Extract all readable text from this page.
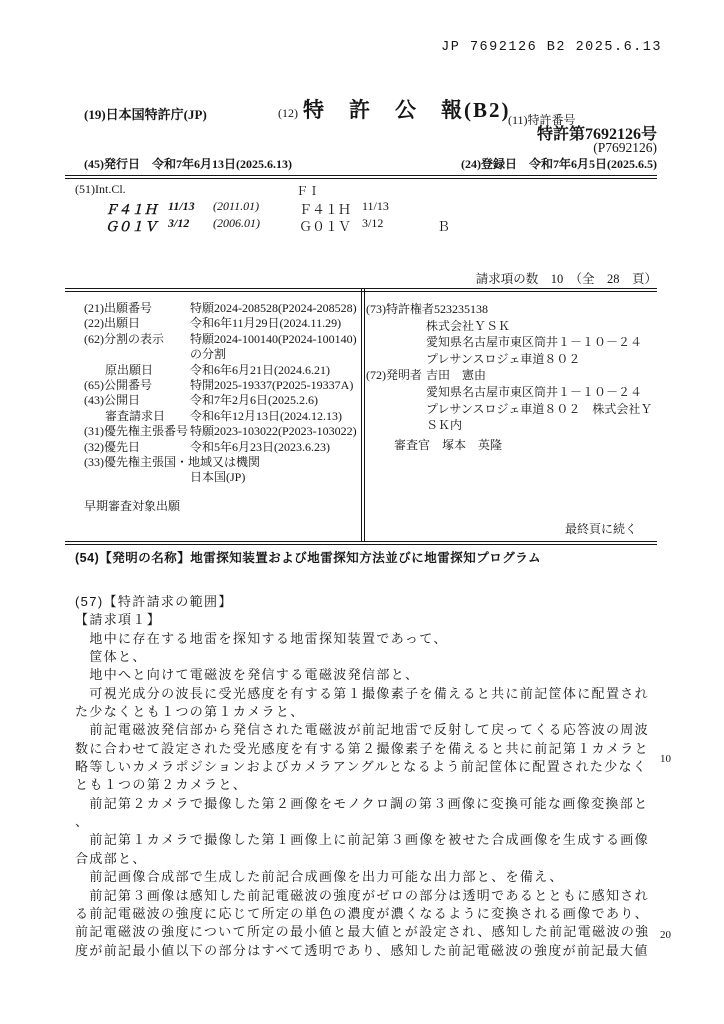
JP 7692126 B2 2025.6.13
(19)日本国特許庁(JP)	(12) 特　許　公　報(B2)
(11)特許番号
特許第7692126号
(P7692126)
(45)発行日　令和7年6月13日(2025.6.13)	(24)登録日　令和7年6月5日(2025.6.5)
(51)Int.Cl.	ＦＩ
Ｆ４１Ｈ 11/13 (2011.01)	Ｆ４１Ｈ 11/13
Ｇ０１Ｖ 3/12 (2006.01)	Ｇ０１Ｖ 3/12	Ｂ
請求項の数　10　（全　28　頁）
(21)出願番号	特願2024-208528(P2024-208528)
(22)出願日	令和6年11月29日(2024.11.29)
(62)分割の表示 特願2024-100140(P2024-100140)
の分割
原出願日	令和6年6月21日(2024.6.21)
(65)公開番号	特開2025-19337(P2025-19337A)
(43)公開日	令和7年2月6日(2025.2.6)
審査請求日 令和6年12月13日(2024.12.13)
(31)優先権主張番号 特願2023-103022(P2023-103022)
(32)優先日	令和5年6月23日(2023.6.23)
(33)優先権主張国・地域又は機関
日本国(JP)
(73)特許権者523235138
株式会社ＹＳＫ
愛知県名古屋市東区筒井１－１０－２４
プレサンスロジェ車道８０２
(72)発明者 吉田　憲由
愛知県名古屋市東区筒井１－１０－２４
プレサンスロジェ車道８０２　株式会社Ｙ
ＳＫ内
審査官　塚本　英隆
早期審査対象出願
最終頁に続く
(54)【発明の名称】地雷探知装置および地雷探知方法並びに地雷探知プログラム
(57)【特許請求の範囲】
【請求項１】
　地中に存在する地雷を探知する地雷探知装置であって、
　筐体と、
　地中へと向けて電磁波を発信する電磁波発信部と、
　可視光成分の波長に受光感度を有する第１撮像素子を備えると共に前記筐体に配置され
た少なくとも１つの第１カメラと、
　前記電磁波発信部から発信された電磁波が前記地雷で反射して戻ってくる応答波の周波
数に合わせて設定された受光感度を有する第２撮像素子を備えると共に前記第１カメラと
略等しいカメラポジションおよびカメラアングルとなるよう前記筐体に配置された少なく
とも１つの第２カメラと、
　前記第２カメラで撮像した第２画像をモノクロ調の第３画像に変換可能な画像変換部と
、
　前記第１カメラで撮像した第１画像上に前記第３画像を被せた合成画像を生成する画像
合成部と、
　前記画像合成部で生成した前記合成画像を出力可能な出力部と、を備え、
　前記第３画像は感知した前記電磁波の強度がゼロの部分は透明であるとともに感知され
る前記電磁波の強度に応じて所定の単色の濃度が濃くなるように変換される画像であり、
前記電磁波の強度について所定の最小値と最大値とが設定され、感知した前記電磁波の強
度が前記最小値以下の部分はすべて透明であり、感知した前記電磁波の強度が前記最大値
10
20
